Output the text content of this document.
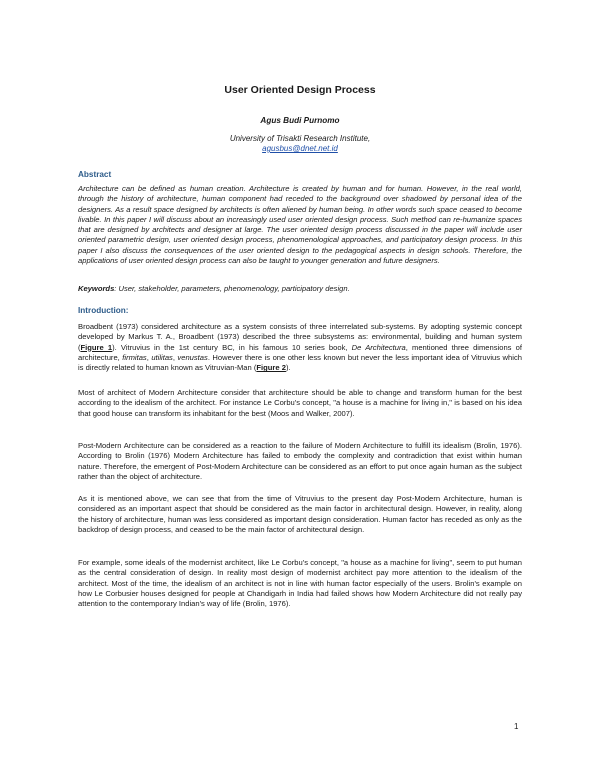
User Oriented Design Process
Agus Budi Purnomo
University of Trisakti Research Institute,
agusbus@dnet.net.id
Abstract
Architecture can be defined as human creation. Architecture is created by human and for human. However, in the real world, through the history of architecture, human component had receded to the background over shadowed by personal idea of the designers. As a result space designed by architects is often aliened by human being. In other words such space ceased to become livable. In this paper I will discuss about an increasingly used user oriented design process. Such method can re-humanize spaces that are designed by architects and designer at large. The user oriented design process discussed in the paper will include user oriented parametric design, user oriented design process, phenomenological approaches, and participatory design process. In this paper I also discuss the consequences of the user oriented design to the pedagogical aspects in design schools. Therefore, the applications of user oriented design process can also be taught to younger generation and future designers.
Keywords: User, stakeholder, parameters, phenomenology, participatory design.
Introduction:
Broadbent (1973) considered architecture as a system consists of three interrelated sub-systems. By adopting systemic concept developed by Markus T. A., Broadbent (1973) described the three subsystems as: environmental, building and human system (Figure 1). Vitruvius in the 1st century BC, in his famous 10 series book, De Architectura, mentioned three dimensions of architecture, firmitas, utilitas, venustas. However there is one other less known but never the less important idea of Vitruvius which is directly related to human known as Vitruvian-Man (Figure 2).
Most of architect of Modern Architecture consider that architecture should be able to change and transform human for the best according to the idealism of the architect. For instance Le Corbu's concept, "a house is a machine for living in," is based on his idea that good house can transform its inhabitant for the best (Moos and Walker, 2007).
Post-Modern Architecture can be considered as a reaction to the failure of Modern Architecture to fulfill its idealism (Brolin, 1976). According to Brolin (1976) Modern Architecture has failed to embody the complexity and contradiction that exist within human nature. Therefore, the emergent of Post-Modern Architecture can be considered as an effort to put once again human as the subject rather than the object of architecture.
As it is mentioned above, we can see that from the time of Vitruvius to the present day Post-Modern Architecture, human is considered as an important aspect that should be considered as the main factor in architectural design. However, in reality, along the history of architecture, human was less considered as important design consideration. Human factor has receded as only as the backdrop of design process, and ceased to be the main factor of architectural design.
For example, some ideals of the modernist architect, like Le Corbu's concept, "a house as a machine for living", seem to put human as the central consideration of design. In reality most design of modernist architect pay more attention to the idealism of the architect. Most of the time, the idealism of an architect is not in line with human factor especially of the users. Brolin's example on how Le Corbusier houses designed for people at Chandigarh in India had failed shows how Modern Architecture did not really pay attention to the contemporary Indian's way of life (Brolin, 1976).
1
